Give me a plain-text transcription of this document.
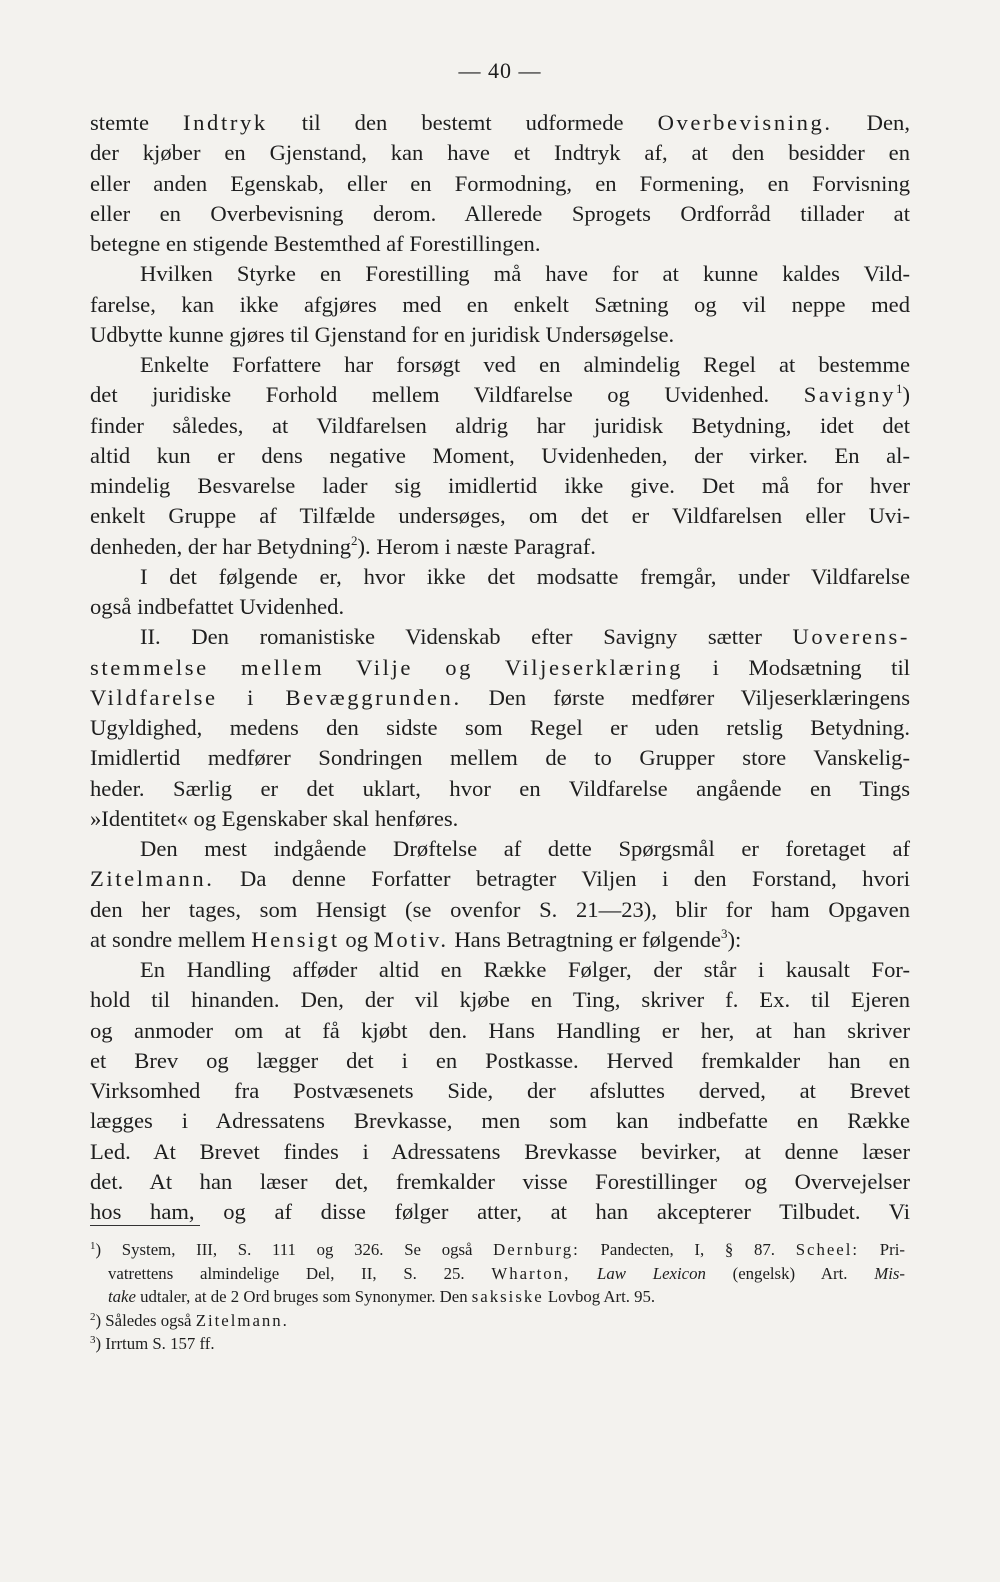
— 40 —
stemte Indtryk til den bestemt udformede Overbevisning. Den,
der kjøber en Gjenstand, kan have et Indtryk af, at den besidder en
eller anden Egenskab, eller en Formodning, en Formening, en Forvisning
eller en Overbevisning derom. Allerede Sprogets Ordforråd tillader at
betegne en stigende Bestemthed af Forestillingen.
Hvilken Styrke en Forestilling må have for at kunne kaldes Vild-
farelse, kan ikke afgjøres med en enkelt Sætning og vil neppe med
Udbytte kunne gjøres til Gjenstand for en juridisk Undersøgelse.
Enkelte Forfattere har forsøgt ved en almindelig Regel at bestemme
det juridiske Forhold mellem Vildfarelse og Uvidenhed. Savigny$^1$)
finder således, at Vildfarelsen aldrig har juridisk Betydning, idet det
altid kun er dens negative Moment, Uvidenheden, der virker. En al-
mindelig Besvarelse lader sig imidlertid ikke give. Det må for hver
enkelt Gruppe af Tilfælde undersøges, om det er Vildfarelsen eller Uvi-
denheden, der har Betydning$^2$). Herom i næste Paragraf.
I det følgende er, hvor ikke det modsatte fremgår, under Vildfarelse
også indbefattet Uvidenhed.
II. Den romanistiske Videnskab efter Savigny sætter Uoverens-
stemmelse mellem Vilje og Viljeserklæring i Modsætning til
Vildfarelse i Bevæggrunden. Den første medfører Viljeserklæringens
Ugyldighed, medens den sidste som Regel er uden retslig Betydning.
Imidlertid medfører Sondringen mellem de to Grupper store Vanskelig-
heder. Særlig er det uklart, hvor en Vildfarelse angående en Tings
»Identitet« og Egenskaber skal henføres.
Den mest indgående Drøftelse af dette Spørgsmål er foretaget af
Zitelmann. Da denne Forfatter betragter Viljen i den Forstand, hvori
den her tages, som Hensigt (se ovenfor S. 21—23), blir for ham Opgaven
at sondre mellem Hensigt og Motiv. Hans Betragtning er følgende$^3$):
En Handling afføder altid en Række Følger, der står i kausalt For-
hold til hinanden. Den, der vil kjøbe en Ting, skriver f. Ex. til Ejeren
og anmoder om at få kjøbt den. Hans Handling er her, at han skriver
et Brev og lægger det i en Postkasse. Herved fremkalder han en
Virksomhed fra Postvæsenets Side, der afsluttes derved, at Brevet
lægges i Adressatens Brevkasse, men som kan indbefatte en Række
Led. At Brevet findes i Adressatens Brevkasse bevirker, at denne læser
det. At han læser det, fremkalder visse Forestillinger og Overvejelser
hos ham, og af disse følger atter, at han akcepterer Tilbudet. Vi
$^1$) System, III, S. 111 og 326. Se også Dernburg: Pandecten, I, § 87. Scheel: Pri-
vatrettens almindelige Del, II, S. 25. Wharton, Law Lexicon (engelsk) Art. Mis-
take udtaler, at de 2 Ord bruges som Synonymer. Den saksiske Lovbog Art. 95.
$^2$) Således også Zitelmann.
$^3$) Irrtum S. 157 ff.
